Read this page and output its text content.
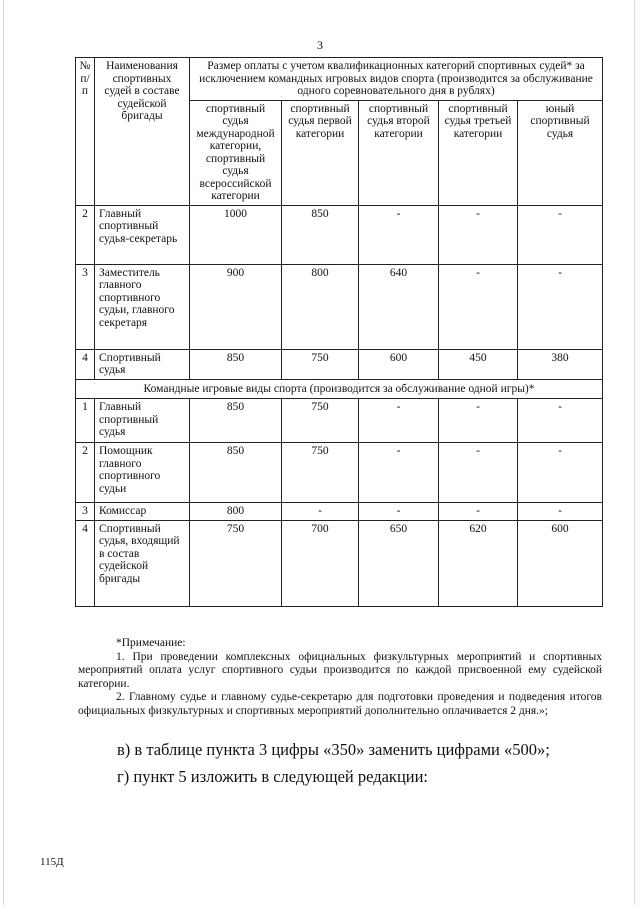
3
№ п/п	Наименования спортивных судей в составе судейской бригады	Размер оплаты с учетом квалификационных категорий спортивных судей* за исключением командных игровых видов спорта (производится за обслуживание одного соревновательного дня в рублях)				
		спортивный судья международной категории, спортивный судья всероссийской категории	спортивный судья первой категории	спортивный судья второй категории	спортивный судья третьей категории	юный спортивный судья
2	Главный спортивный судья-секретарь	1000	850	-	-	-
3	Заместитель главного спортивного судьи, главного секретаря	900	800	640	-	-
4	Спортивный судья	850	750	600	450	380
Командные игровые виды спорта (производится за обслуживание одной игры)*						
1	Главный спортивный судья	850	750	-	-	-
2	Помощник главного спортивного судьи	850	750	-	-	-
3	Комиссар	800	-	-	-	-
4	Спортивный судья, входящий в состав судейской бригады	750	700	650	620	600

*Примечание:

1. При проведении комплексных официальных физкультурных мероприятий и спортивных мероприятий оплата услуг спортивного судьи производится по каждой присвоенной ему судейской категории.

2. Главному судье и главному судье-секретарю для подготовки проведения и подведения итогов официальных физкультурных и спортивных мероприятий дополнительно оплачивается 2 дня.»;

в) в таблице пункта 3 цифры «350» заменить цифрами «500»;
г) пункт 5 изложить в следующей редакции:
115Д
